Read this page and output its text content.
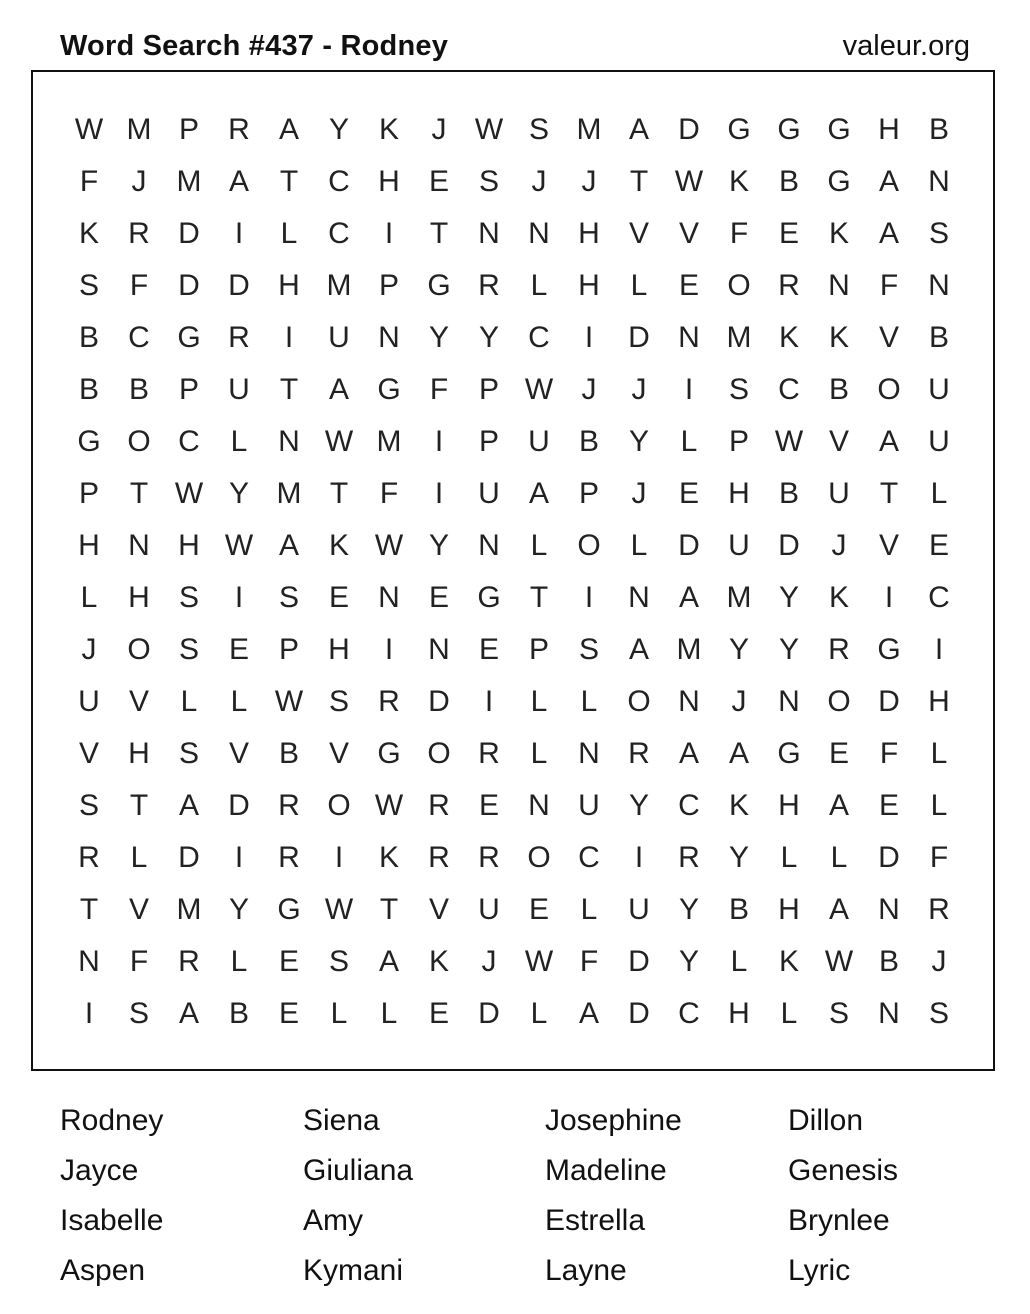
Word Search #437 - Rodney	valeur.org
W M P R A Y K	J W S M A D G G G H B
F	J	M A	T	C H E S	J	J	T W K B G A N
K R D	I	L	C	I	T	N N H V V	F	E K A S
S	F	D D H M P G R	L	H	L	E O R N	F	N
B C G R	I	U N Y Y C	I	D N M K K V B
B B P U	T	A G F	P W J	J	I	S C B O U
G O C	L	N W M	I	P U B Y	L	P W V A U
P	T W Y M T	F	I	U A P	J	E H B U	T	L
H N H W A K W Y N	L O L	D U D	J	V E
L	H S	I	S E N E G T	I	N A M Y K	I	C
J	O S E P H	I	N E P S A M Y Y R G	I
U V	L	L W S R D	I	L	L O N	J	N O D H
V H S V B V G O R	L	N R A A G E	F	L
S	T	A D R O W R E N U Y C K H A E	L
R	L	D	I	R	I	K R R O C	I	R Y	L	L	D	F
T	V M Y G W T	V U E	L	U Y B H A N R
N	F	R	L	E S A K	J W F	D Y	L	K W B	J
I	S A B E	L	L	E D	L	A D C H	L	S N S
Rodney	Siena	Josephine	Dillon
Jayce	Giuliana	Madeline	Genesis
Isabelle	Amy	Estrella	Brynlee
Aspen	Kymani	Layne	Lyric
